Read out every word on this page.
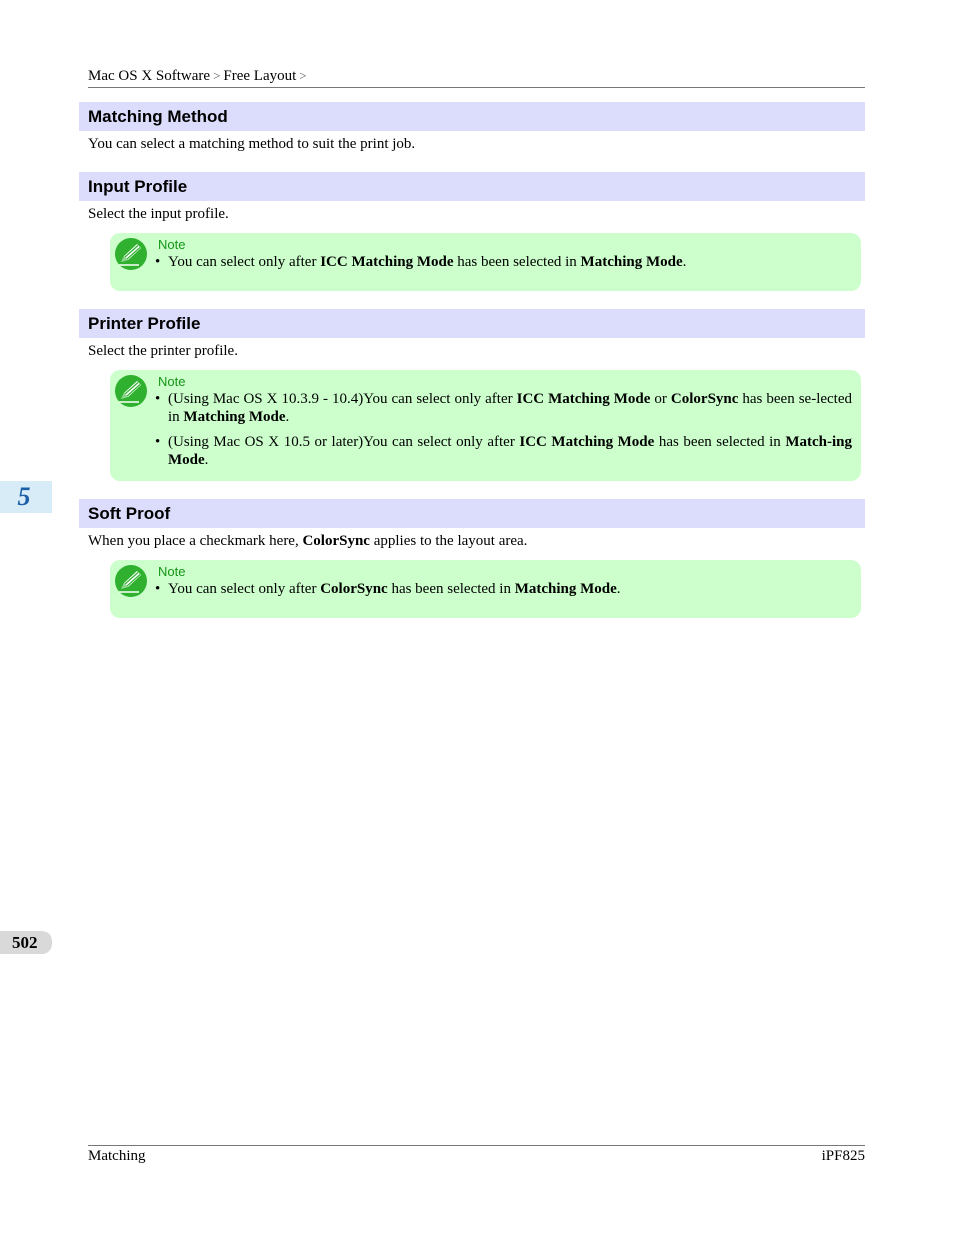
Mac OS X Software > Free Layout >
Matching Method
You can select a matching method to suit the print job.
Input Profile
Select the input profile.
Note
• You can select only after ICC Matching Mode has been selected in Matching Mode.
Printer Profile
Select the printer profile.
Note
• (Using Mac OS X 10.3.9 - 10.4)You can select only after ICC Matching Mode or ColorSync has been se-lected in Matching Mode.
• (Using Mac OS X 10.5 or later)You can select only after ICC Matching Mode has been selected in Match-ing Mode.
Soft Proof
When you place a checkmark here, ColorSync applies to the layout area.
Note
• You can select only after ColorSync has been selected in Matching Mode.
5
502
Matching	iPF825
